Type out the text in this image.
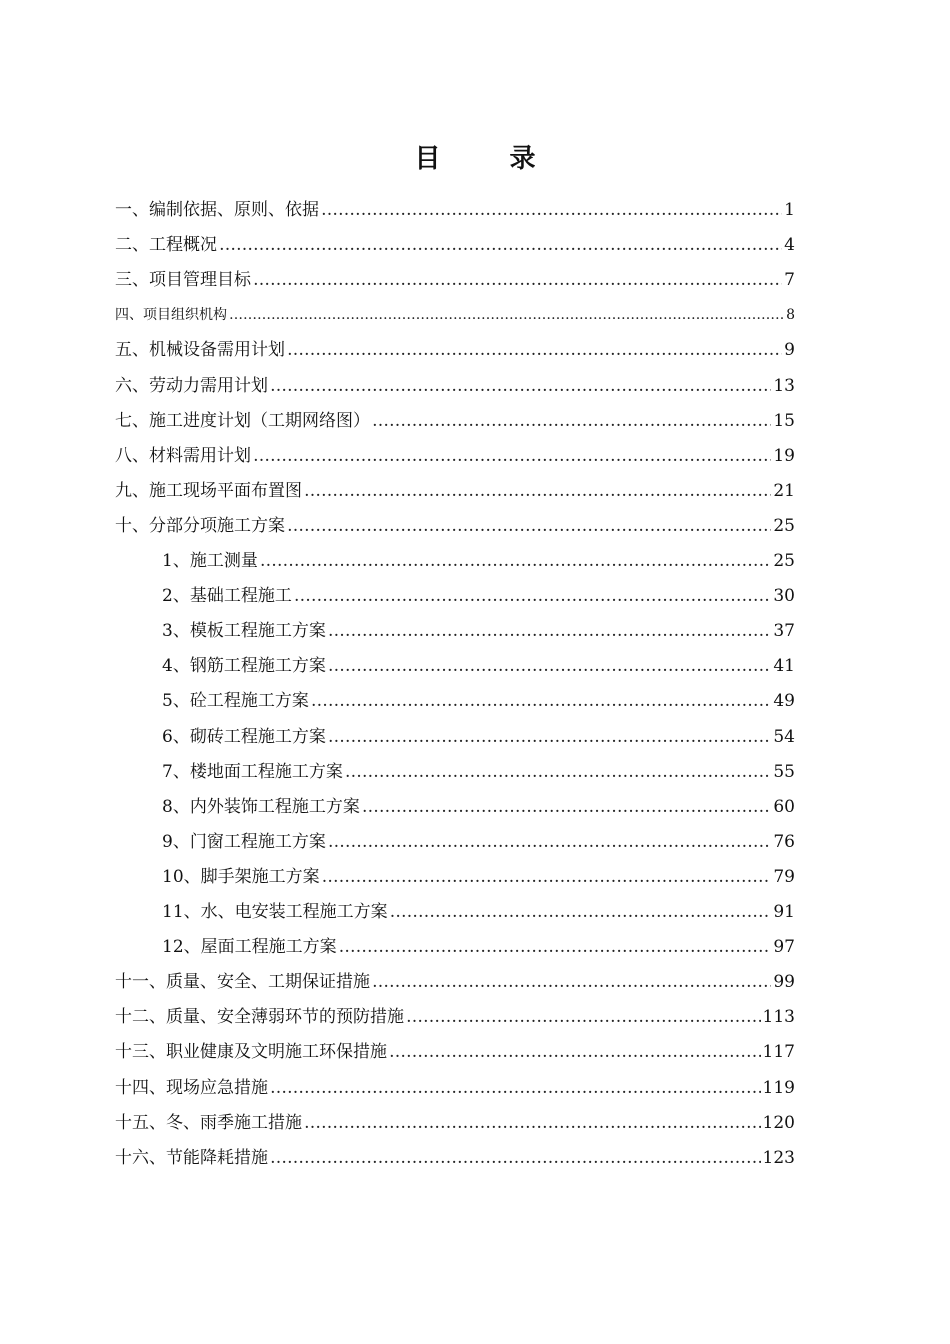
目 录
一、编制依据、原则、依据 ………………………………………………………………………………………………………………………………………………………………	1
二、工程概况 ………………………………………………………………………………………………………………………………………………………………	4
三、项目管理目标 ………………………………………………………………………………………………………………………………………………………………	7
四、项目组织机构 ………………………………………………………………………………………………………………………………………………………………	8
五、机械设备需用计划 ………………………………………………………………………………………………………………………………………………………………	9
六、劳动力需用计划 ………………………………………………………………………………………………………………………………………………………………	13
七、施工进度计划（工期网络图） ………………………………………………………………………………………………………………………………………………………………	15
八、材料需用计划 ………………………………………………………………………………………………………………………………………………………………	19
九、施工现场平面布置图 ………………………………………………………………………………………………………………………………………………………………	21
十、分部分项施工方案 ………………………………………………………………………………………………………………………………………………………………	25
1、施工测量 ………………………………………………………………………………………………………………………………………………………………	25
2、基础工程施工 ………………………………………………………………………………………………………………………………………………………………	30
3、模板工程施工方案 ………………………………………………………………………………………………………………………………………………………………	37
4、钢筋工程施工方案 ………………………………………………………………………………………………………………………………………………………………	41
5、砼工程施工方案 ………………………………………………………………………………………………………………………………………………………………	49
6、砌砖工程施工方案 ………………………………………………………………………………………………………………………………………………………………	54
7、楼地面工程施工方案 ………………………………………………………………………………………………………………………………………………………………	55
8、内外装饰工程施工方案 ………………………………………………………………………………………………………………………………………………………………	60
9、门窗工程施工方案 ………………………………………………………………………………………………………………………………………………………………	76
10、脚手架施工方案 ………………………………………………………………………………………………………………………………………………………………	79
11、水、电安装工程施工方案 ………………………………………………………………………………………………………………………………………………………………	91
12、屋面工程施工方案 ………………………………………………………………………………………………………………………………………………………………	97
十一、质量、安全、工期保证措施 ………………………………………………………………………………………………………………………………………………………………	99
十二、质量、安全薄弱环节的预防措施 ………………………………………………………………………………………………………………………………………………………………	113
十三、职业健康及文明施工环保措施 ………………………………………………………………………………………………………………………………………………………………	117
十四、现场应急措施 ………………………………………………………………………………………………………………………………………………………………	119
十五、冬、雨季施工措施 ………………………………………………………………………………………………………………………………………………………………	120
十六、节能降耗措施 ………………………………………………………………………………………………………………………………………………………………	123
